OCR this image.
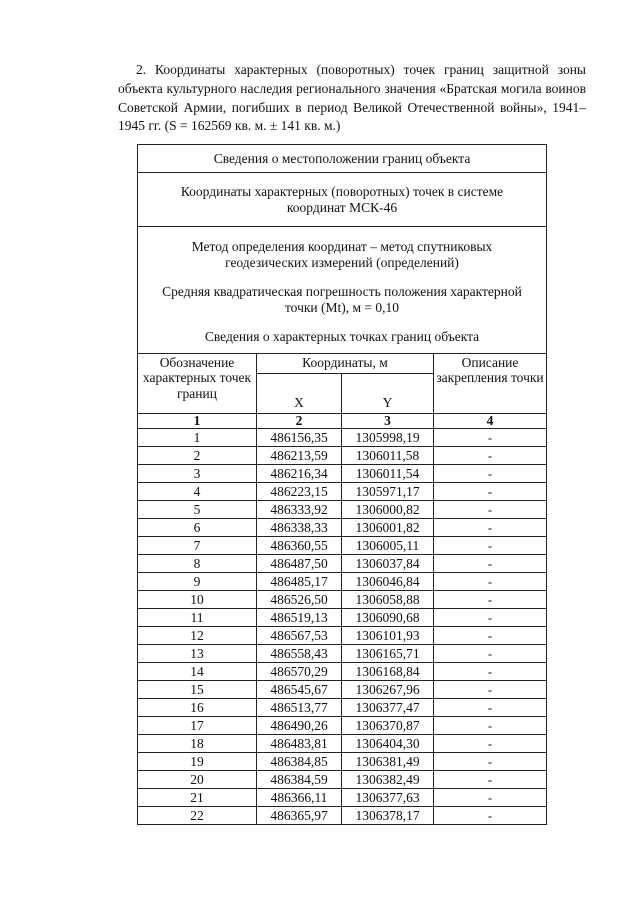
2. Координаты характерных (поворотных) точек границ защитной зоны объекта культурного наследия регионального значения «Братская могила воинов Советской Армии, погибших в период Великой Отечественной войны», 1941–1945 гг. (S = 162569 кв. м. ± 141 кв. м.)
Сведения о местоположении границ объекта			
Координаты характерных (поворотных) точек в системе координат МСК-46			

Метод определения координат – метод спутниковых геодезических измерений (определений)

Средняя квадратическая погрешность положения характерной точки (Mt), м = 0,10

Сведения о характерных точках границ объекта			

Обозначение характерных точек границ	Координаты, м		Описание закрепления точки
	X	Y	
1	2	3	4
1	486156,35	1305998,19	-
2	486213,59	1306011,58	-
3	486216,34	1306011,54	-
4	486223,15	1305971,17	-
5	486333,92	1306000,82	-
6	486338,33	1306001,82	-
7	486360,55	1306005,11	-
8	486487,50	1306037,84	-
9	486485,17	1306046,84	-
10	486526,50	1306058,88	-
11	486519,13	1306090,68	-
12	486567,53	1306101,93	-
13	486558,43	1306165,71	-
14	486570,29	1306168,84	-
15	486545,67	1306267,96	-
16	486513,77	1306377,47	-
17	486490,26	1306370,87	-
18	486483,81	1306404,30	-
19	486384,85	1306381,49	-
20	486384,59	1306382,49	-
21	486366,11	1306377,63	-
22	486365,97	1306378,17	-
